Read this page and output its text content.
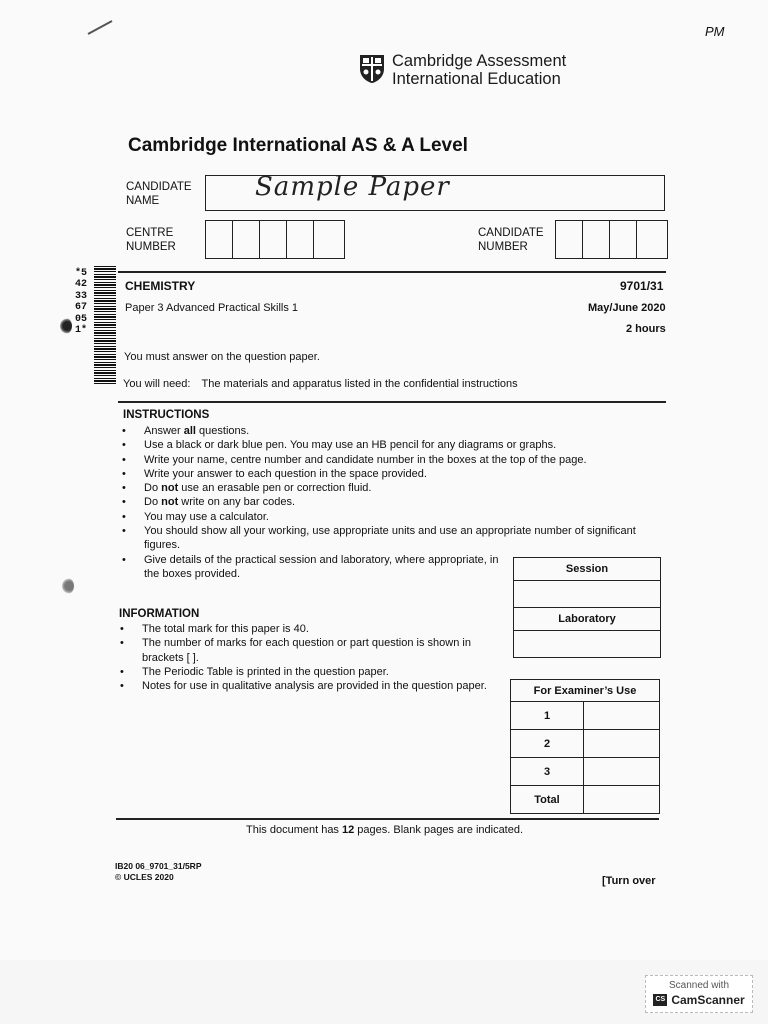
PM
Cambridge Assessment
International Education
Cambridge International AS & A Level
CANDIDATE
NAME	Sample Paper
CENTRE
NUMBER
CANDIDATE
NUMBER
*5423367051*
CHEMISTRY	9701/31
Paper 3 Advanced Practical Skills 1	May/June 2020
2 hours
You must answer on the question paper.
You will need: The materials and apparatus listed in the confidential instructions
INSTRUCTIONS
• Answer all questions.
• Use a black or dark blue pen. You may use an HB pencil for any diagrams or graphs.
• Write your name, centre number and candidate number in the boxes at the top of the page.
• Write your answer to each question in the space provided.
• Do not use an erasable pen or correction fluid.
• Do not write on any bar codes.
• You may use a calculator.
• You should show all your working, use appropriate units and use an appropriate number of significant figures.
• Give details of the practical session and laboratory, where appropriate, in the boxes provided.	Session

Laboratory

INFORMATION
• The total mark for this paper is 40.
• The number of marks for each question or part question is shown in brackets [ ].
• The Periodic Table is printed in the question paper.
• Notes for use in qualitative analysis are provided in the question paper.	For Examiner’s Use	
1	
2	
3	
Total	
This document has 12 pages. Blank pages are indicated.
IB20 06_9701_31/5RP
© UCLES 2020	[Turn over
Scanned with
CS CamScanner
